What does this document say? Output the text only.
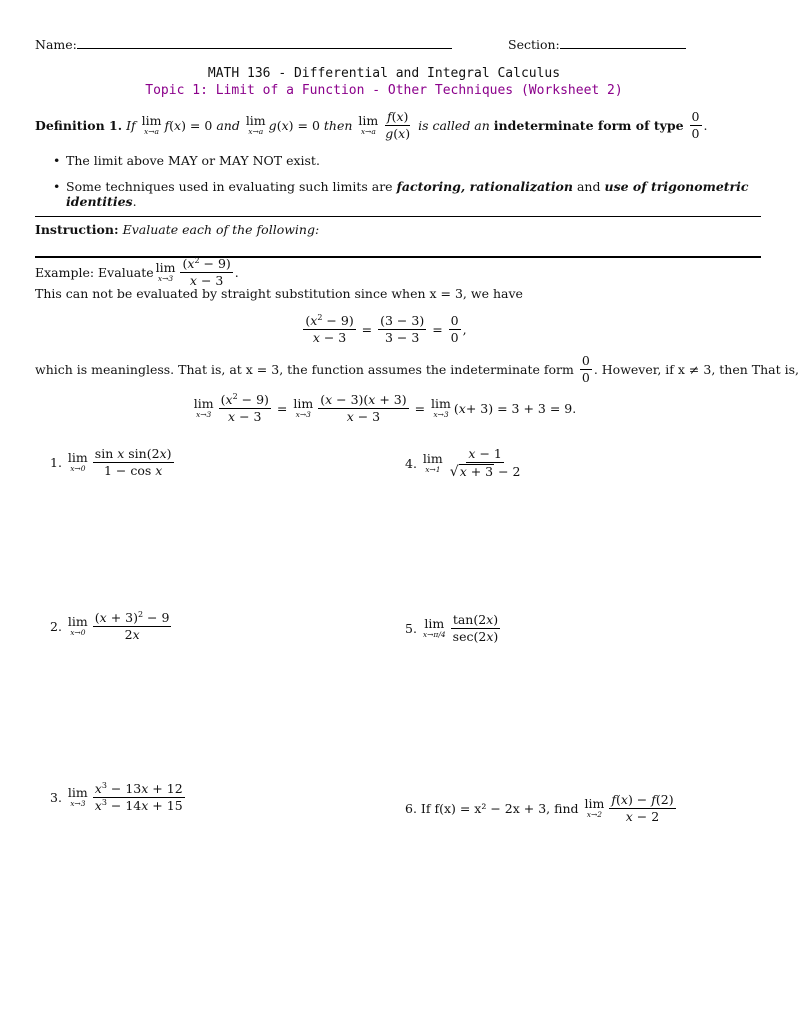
Name:	Section:
MATH 136 - Differential and Integral Calculus
Topic 1: Limit of a Function - Other Techniques (Worksheet 2)
Definition 1.
If
lim
x→a f ( x ) = 0
and
lim
x→a g ( x ) = 0
then
lim
$x\to a \frac{f(x)}{g(x)}$
is called an
indeterminate form of type
$\frac{0}{0}$ .
• The limit above MAY or MAY NOT exist.
• Some techniques used in evaluating such limits are factoring, rationalization and use of trigonometric identities.
Instruction: Evaluate each of the following:
Example: Evaluate lim
$x\to 3 \frac{(x^2 - 9)}{x - 3}$ .
This can not be evaluated by straight substitution since when x = 3, we have
$\frac{(x^2 - 9)}{x - 3} = \frac{(3 - 3)}{3 - 3} = \frac{0}{0}$ ,
which is meaningless. That is, at x = 3, the function assumes the indeterminate form
$\frac{0}{0}$ . However, if x ≠ 3, then That is,
lim
$x\to 3 \frac{(x^2 - 9)}{x - 3} = \lim$
$x\to 3 \frac{(x - 3)(x + 3)}{x - 3} = \lim$
x→3 ( x + 3) = 3 + 3 = 9.
1.
lim
$x\to 0 \frac{\text{sin x sin(2x)}}{\text{1 − cos x}}$	4.
lim
$x\to 1 \frac{x - 1}{√ x + 3 - 2}$
2.
lim
$x\to 0 \frac{(x + 3)^2 - 9}{2x}$	5.
lim
$x\to\pi/4 \frac{\tan(2x)}{\sec(2x)}$
3.
lim
$x\to 3 \frac{x^3 - 13x + 12}{x^3 - 14x + 15}$	6.
If f(x) = x² − 2x + 3, find
lim
$x\to 2 \frac{f(x) - f(2)}{x - 2}$
